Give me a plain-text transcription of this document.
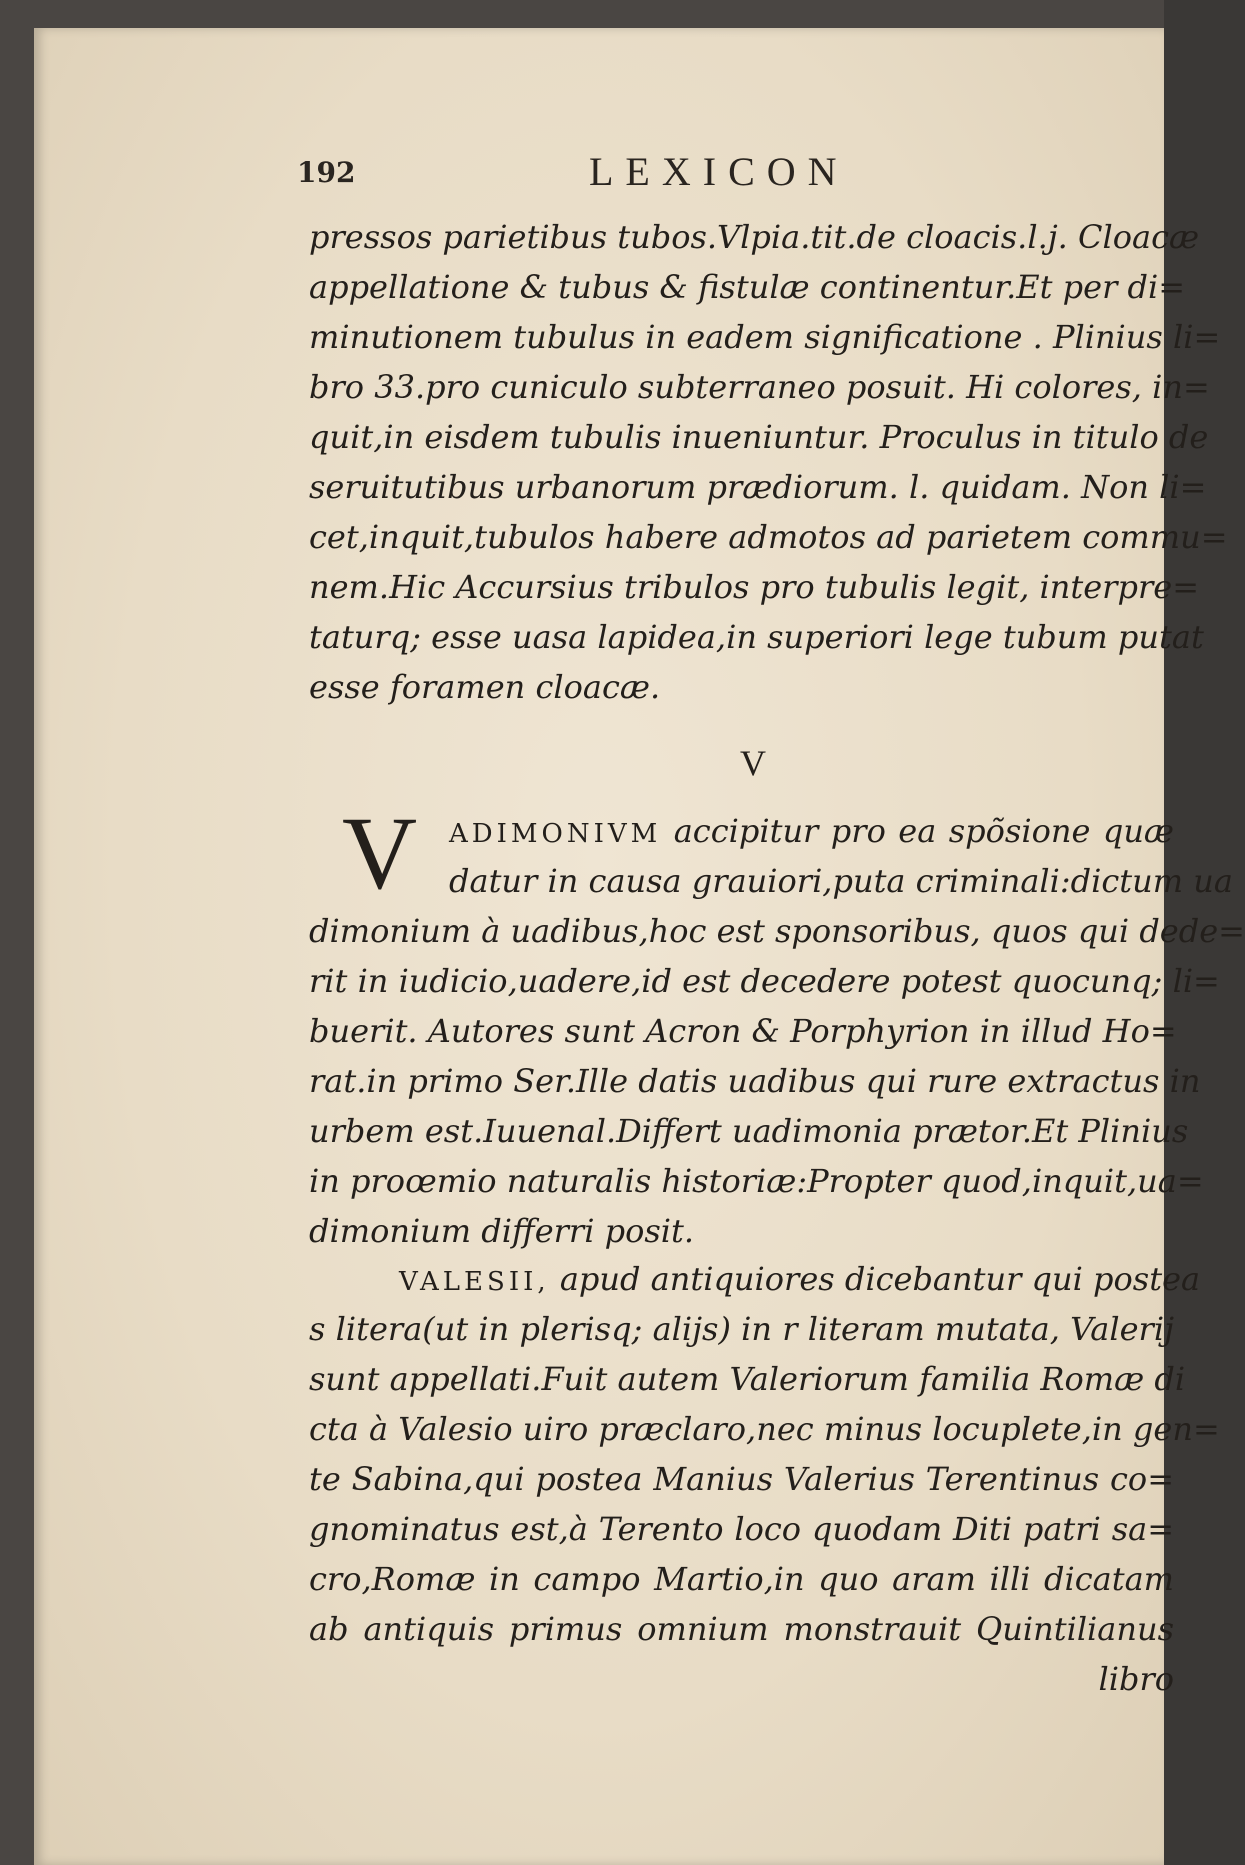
192	LEXICON
pressos parietibus tubos.Vlpia.tit.de cloacis.l.j. Cloacæ
appellatione & tubus & fistulæ continentur.Et per di=
minutionem tubulus in eadem significatione . Plinius li=
bro 33.pro cuniculo subterraneo posuit. Hi colores, in=
quit,in eisdem tubulis inueniuntur. Proculus in titulo de
seruitutibus urbanorum prædiorum. l. quidam. Non li=
cet,inquit,tubulos habere admotos ad parietem commu=
nem.Hic Accursius tribulos pro tubulis legit, interpre=
taturq; esse uasa lapidea,in superiori lege tubum putat
esse foramen cloacæ.
V
V	ADIMONIVM accipitur pro ea spõsione quæ
datur in causa grauiori,puta criminali:dictum ua
dimonium à uadibus,hoc est sponsoribus, quos qui dede=
rit in iudicio,uadere,id est decedere potest quocunq; li=
buerit. Autores sunt Acron & Porphyrion in illud Ho=
rat.in primo Ser.Ille datis uadibus qui rure extractus in
urbem est.Iuuenal.Differt uadimonia prætor.Et Plinius
in proœmio naturalis historiæ:Propter quod,inquit,ua=
dimonium differri posit.
VALESII, apud antiquiores dicebantur qui postea
s litera(ut in plerisq; alijs) in r literam mutata, Valerij
sunt appellati.Fuit autem Valeriorum familia Romæ di
cta à Valesio uiro præclaro,nec minus locuplete,in gen=
te Sabina,qui postea Manius Valerius Terentinus co=
gnominatus est,à Terento loco quodam Diti patri sa=
cro,Romæ in campo Martio,in quo aram illi dicatam
ab antiquis primus omnium monstrauit Quintilianus
libro
